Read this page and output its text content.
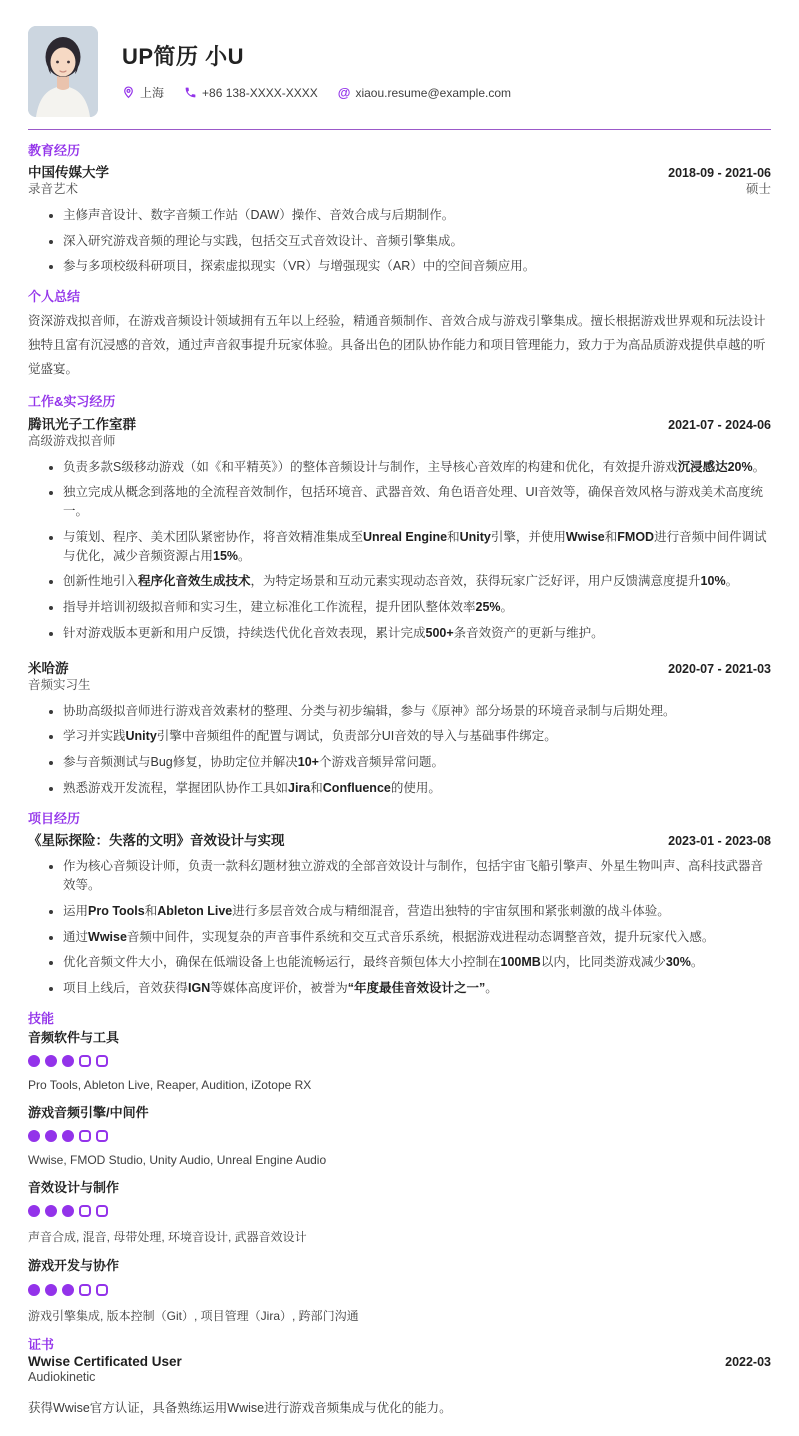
UP简历 小U
上海	+86 138-XXXX-XXXX @ xiaou.resume@example.com
教育经历
中国传媒大学	2018-09 - 2021-06
录音艺术	硕士
• 主修声音设计、数字音频工作站（DAW）操作、音效合成与后期制作。
• 深入研究游戏音频的理论与实践，包括交互式音效设计、音频引擎集成。
• 参与多项校级科研项目，探索虚拟现实（VR）与增强现实（AR）中的空间音频应用。
个人总结

资深游戏拟音师，在游戏音频设计领域拥有五年以上经验，精通音频制作、音效合成与游戏引擎集成。擅长根据游戏世界观和玩法设计独特且富有沉浸感的音效，通过声音叙事提升玩家体验。具备出色的团队协作能力和项目管理能力，致力于为高品质游戏提供卓越的听觉盛宴。

工作&实习经历
腾讯光子工作室群	2021-07 - 2024-06
高级游戏拟音师
• 负责多款S级移动游戏（如《和平精英》）的整体音频设计与制作，主导核心音效库的构建和优化，有效提升游戏沉浸感达20%。
• 独立完成从概念到落地的全流程音效制作，包括环境音、武器音效、角色语音处理、UI音效等，确保音效风格与游戏美术高度统一。
• 与策划、程序、美术团队紧密协作，将音效精准集成至Unreal Engine和Unity引擎，并使用Wwise和FMOD进行音频中间件调试与优化，减少音频资源占用15%。
• 创新性地引入程序化音效生成技术，为特定场景和互动元素实现动态音效，获得玩家广泛好评，用户反馈满意度提升10%。
• 指导并培训初级拟音师和实习生，建立标准化工作流程，提升团队整体效率25%。
• 针对游戏版本更新和用户反馈，持续迭代优化音效表现，累计完成500+条音效资产的更新与维护。
米哈游	2020-07 - 2021-03
音频实习生
• 协助高级拟音师进行游戏音效素材的整理、分类与初步编辑，参与《原神》部分场景的环境音录制与后期处理。
• 学习并实践Unity引擎中音频组件的配置与调试，负责部分UI音效的导入与基础事件绑定。
• 参与音频测试与Bug修复，协助定位并解决10+个游戏音频异常问题。
• 熟悉游戏开发流程，掌握团队协作工具如Jira和Confluence的使用。
项目经历
《星际探险：失落的文明》音效设计与实现	2023-01 - 2023-08
• 作为核心音频设计师，负责一款科幻题材独立游戏的全部音效设计与制作，包括宇宙飞船引擎声、外星生物叫声、高科技武器音效等。
• 运用Pro Tools和Ableton Live进行多层音效合成与精细混音，营造出独特的宇宙氛围和紧张刺激的战斗体验。
• 通过Wwise音频中间件，实现复杂的声音事件系统和交互式音乐系统，根据游戏进程动态调整音效，提升玩家代入感。
• 优化音频文件大小，确保在低端设备上也能流畅运行，最终音频包体大小控制在100MB以内，比同类游戏减少30%。
• 项目上线后，音效获得IGN等媒体高度评价，被誉为“年度最佳音效设计之一”。
技能
音频软件与工具
Pro Tools, Ableton Live, Reaper, Audition, iZotope RX
游戏音频引擎/中间件
Wwise, FMOD Studio, Unity Audio, Unreal Engine Audio
音效设计与制作
声音合成, 混音, 母带处理, 环境音设计, 武器音效设计
游戏开发与协作
游戏引擎集成, 版本控制（Git）, 项目管理（Jira）, 跨部门沟通
证书
Wwise Certificated User	2022-03
Audiokinetic

获得Wwise官方认证，具备熟练运用Wwise进行游戏音频集成与优化的能力。
